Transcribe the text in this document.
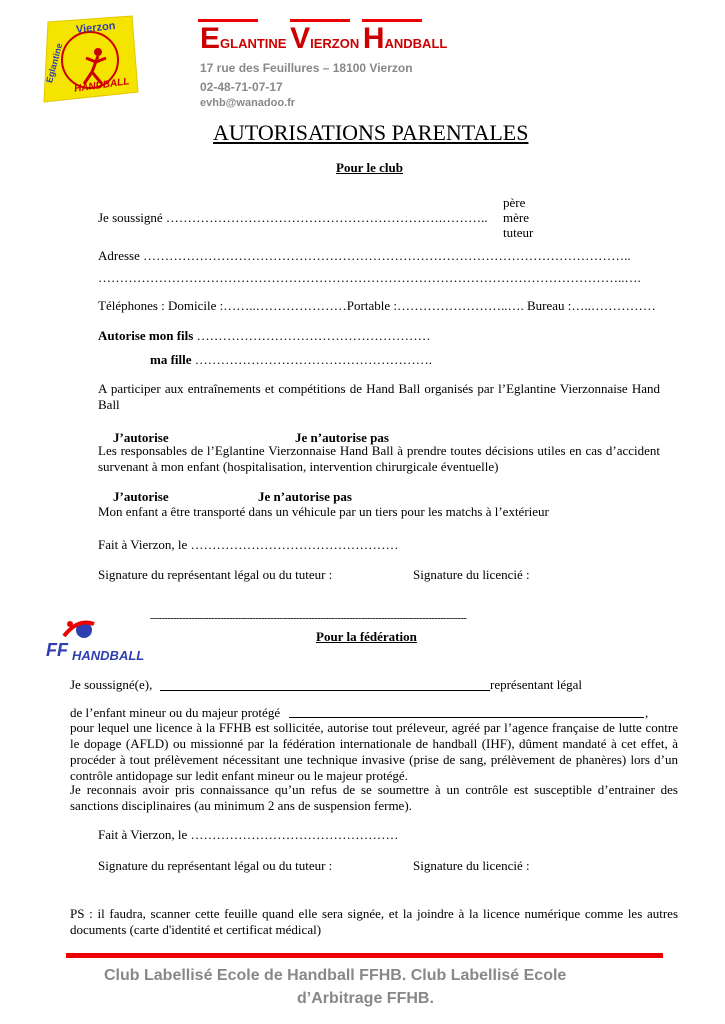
Vierzon
Eglantine
HANDBALL
EGLANTINE VIERZON HANDBALL
17 rue des Feuillures – 18100 Vierzon
02-48-71-07-17
evhb@wanadoo.fr
AUTORISATIONS PARENTALES
Pour le club
père
Je soussigné ……………………………………………………….……….. mère
tuteur
Adresse …………………………………………………………………………………………………..
…………………………………………………………………………………………………………..….
Téléphones : Domicile :……..…………………Portable :……………………..…. Bureau :…..……………
Autorise mon fils ………………………………………………
ma fille ……………………………………………….
A participer aux entraînements et compétitions de Hand Ball organisés par l’Eglantine Vierzonnaise Hand Ball
J’autorise	Je n’autorise pas
Les responsables de l’Eglantine Vierzonnaise Hand Ball à prendre toutes décisions utiles en cas d’accident survenant à mon enfant (hospitalisation, intervention chirurgicale éventuelle)
J’autorise	Je n’autorise pas
Mon enfant a être transporté dans un véhicule par un tiers pour les matchs à l’extérieur
Fait à Vierzon, le …………………………………………
Signature du représentant légal ou du tuteur :	Signature du licencié :
------------------------------------------------------------------------------------------------------------
FF HANDBALL
Pour la fédération
Je soussigné(e),	représentant légal
de l’enfant mineur ou du majeur protégé	,
pour lequel une licence à la FFHB est sollicitée, autorise tout préleveur, agréé par l’agence française de lutte contre le dopage (AFLD) ou missionné par la fédération internationale de handball (IHF), dûment mandaté à cet effet, à procéder à tout prélèvement nécessitant une technique invasive (prise de sang, prélèvement de phanères) lors d’un contrôle antidopage sur ledit enfant mineur ou le majeur protégé.
Je reconnais avoir pris connaissance qu’un refus de se soumettre à un contrôle est susceptible d’entrainer des sanctions disciplinaires (au minimum 2 ans de suspension ferme).
Fait à Vierzon, le …………………………………………
Signature du représentant légal ou du tuteur :	Signature du licencié :
PS : il faudra, scanner cette feuille quand elle sera signée, et la joindre à la licence numérique comme les autres documents (carte d'identité et certificat médical)
Club Labellisé Ecole de Handball FFHB. Club Labellisé Ecole
d’Arbitrage FFHB.
